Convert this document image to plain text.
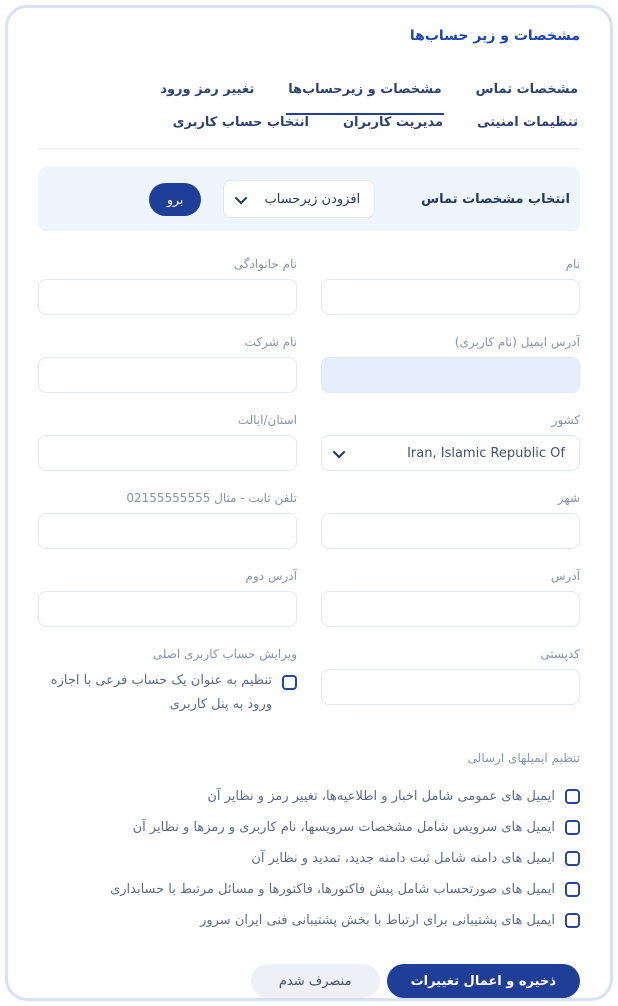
مشخصات و زیر حساب‌ها
مشخصات تماس
مشخصات و زیرحساب‌ها
تغییر رمز ورود
تنظیمات امنیتی
مدیریت کاربران
انتخاب حساب کاربری
انتخاب مشخصات تماس
افزودن زیرحساب
برو
نام
نام خانوادگی
آدرس ایمیل (نام کاربری)
نام شرکت
کشور
Iran, Islamic Republic Of
استان/ایالت
شهر
تلفن ثابت - مثال 02155555555
آدرس
آدرس دوم
کدپستی
ویرایش حساب کاربری اصلی
تنظیم به عنوان یک حساب فرعی با اجازه ورود به پنل کاربری
تنظیم ایمیلهای ارسالی
ایمیل های عمومی شامل اخبار و اطلاعیه‌ها، تغییر رمز و نظایر آن
ایمیل های سرویس شامل مشخصات سرویسها، نام کاربری و رمزها و نظایر آن
ایمیل های دامنه شامل ثبت دامنه جدید، تمدید و نظایر آن
ایمیل های صورتحساب شامل پیش فاکتورها، فاکتورها و مسائل مرتبط با حسابداری
ایمیل های پشتیبانی برای ارتباط با بخش پشتیبانی فنی ایران سرور
ذخیره و اعمال تغییرات
منصرف شدم
